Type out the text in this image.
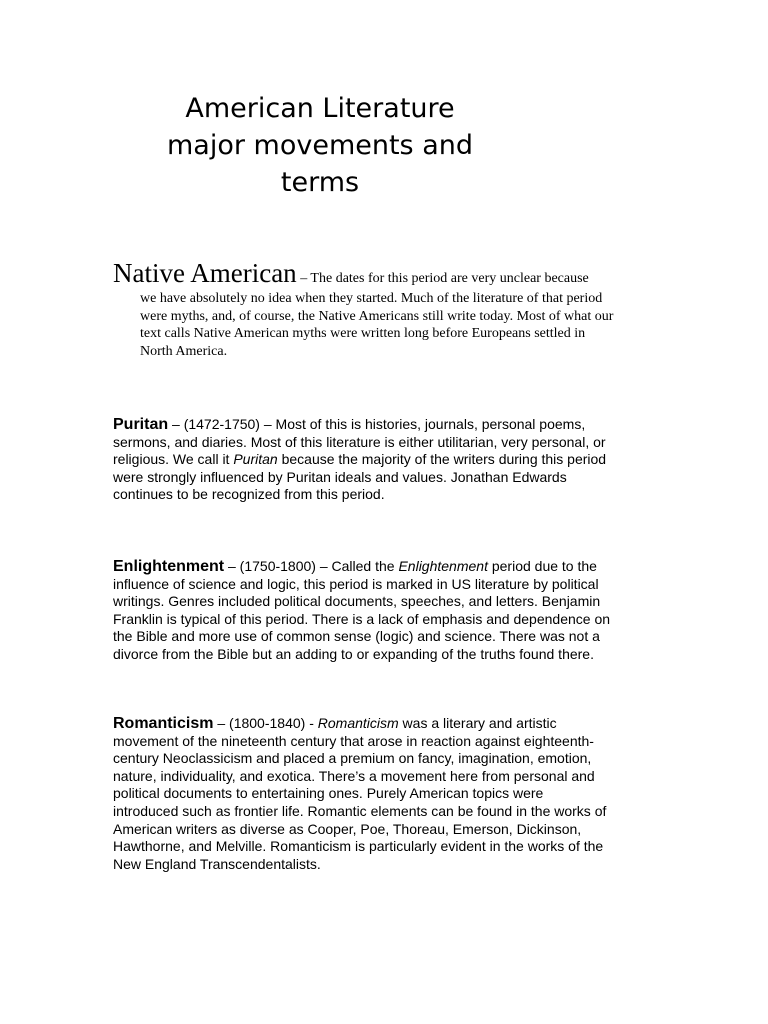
American Literature
major movements and
terms
Native American – The dates for this period are very unclear because
we have absolutely no idea when they started. Much of the literature of that period
were myths, and, of course, the Native Americans still write today. Most of what our
text calls Native American myths were written long before Europeans settled in
North America.
Puritan – (1472-1750) – Most of this is histories, journals, personal poems,
sermons, and diaries. Most of this literature is either utilitarian, very personal, or
religious. We call it Puritan because the majority of the writers during this period
were strongly influenced by Puritan ideals and values. Jonathan Edwards
continues to be recognized from this period.
Enlightenment – (1750-1800) – Called the Enlightenment period due to the
influence of science and logic, this period is marked in US literature by political
writings. Genres included political documents, speeches, and letters. Benjamin
Franklin is typical of this period. There is a lack of emphasis and dependence on
the Bible and more use of common sense (logic) and science. There was not a
divorce from the Bible but an adding to or expanding of the truths found there.
Romanticism – (1800-1840) - Romanticism was a literary and artistic
movement of the nineteenth century that arose in reaction against eighteenth-
century Neoclassicism and placed a premium on fancy, imagination, emotion,
nature, individuality, and exotica. There’s a movement here from personal and
political documents to entertaining ones. Purely American topics were
introduced such as frontier life. Romantic elements can be found in the works of
American writers as diverse as Cooper, Poe, Thoreau, Emerson, Dickinson,
Hawthorne, and Melville. Romanticism is particularly evident in the works of the
New England Transcendentalists.
